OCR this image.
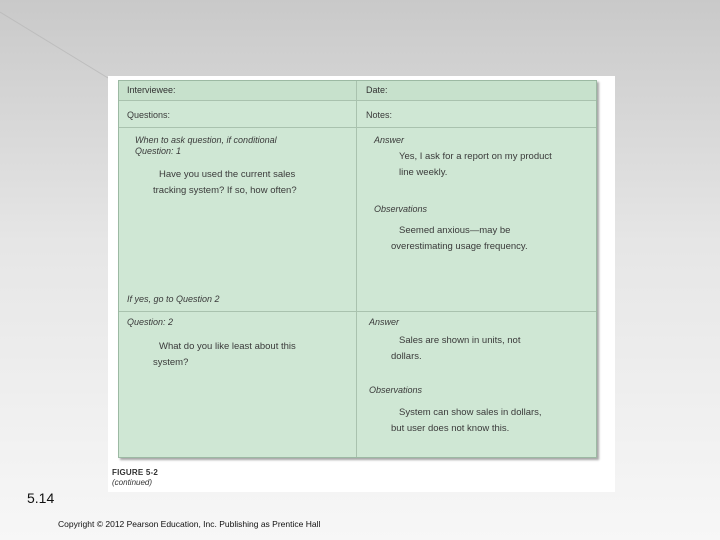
Interviewee:	Date:
Questions:	Notes:
When to ask question, if conditional
Question: 1
Have you used the current sales
tracking system? If so, how often?
If yes, go to Question 2
Answer
Yes, I ask for a report on my product
line weekly.
Observations
Seemed anxious—may be
overestimating usage frequency.
Question: 2
What do you like least about this
system?
Answer
Sales are shown in units, not
dollars.
Observations
System can show sales in dollars,
but user does not know this.
FIGURE 5-2
(continued)
5.14
Copyright © 2012 Pearson Education, Inc. Publishing as Prentice Hall
